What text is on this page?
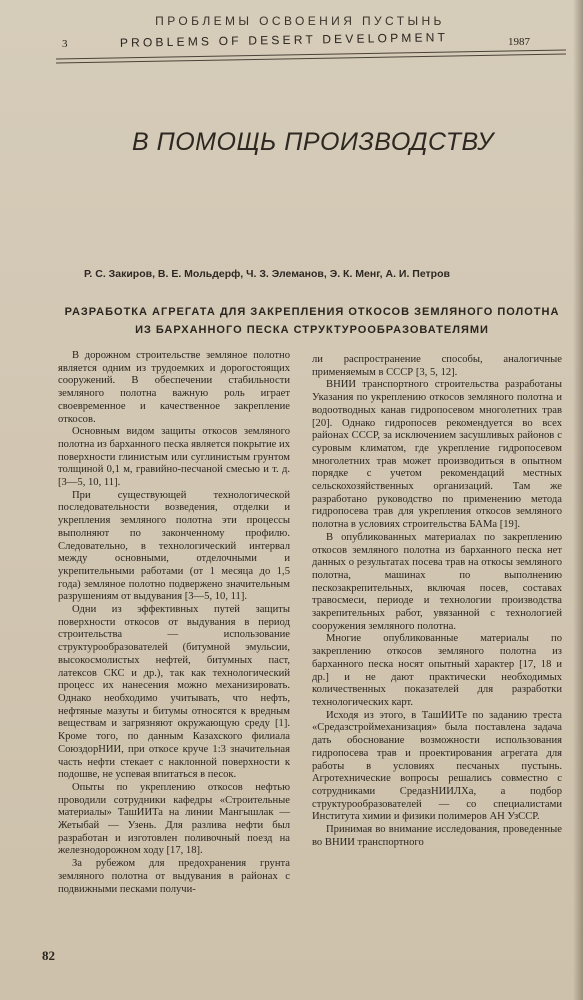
ПРОБЛЕМЫ ОСВОЕНИЯ ПУСТЫНЬ
3	PROBLEMS OF DESERT DEVELOPMENT	1987
В ПОМОЩЬ ПРОИЗВОДСТВУ
Р. С. Закиров, В. Е. Мольдерф, Ч. З. Элеманов, Э. К. Менг, А. И. Петров
РАЗРАБОТКА АГРЕГАТА ДЛЯ ЗАКРЕПЛЕНИЯ ОТКОСОВ ЗЕМЛЯНОГО ПОЛОТНА ИЗ БАРХАННОГО ПЕСКА СТРУКТУРООБРАЗОВАТЕЛЯМИ

В дорожном строительстве земляное полотно является одним из трудоемких и дорогостоящих сооружений. В обеспечении стабильности земляного полотна важную роль играет своевременное и качественное закрепление откосов.

Основным видом защиты откосов земляного полотна из барханного песка является покрытие их поверхности глинистым или суглинистым грунтом толщиной 0,1 м, гравийно-песчаной смесью и т. д. [3—5, 10, 11].

При существующей технологической последовательности возведения, отделки и укрепления земляного полотна эти процессы выполняют по законченному профилю. Следовательно, в технологический интервал между основными, отделочными и укрепительными работами (от 1 месяца до 1,5 года) земляное полотно подвержено значительным разрушениям от выдувания [3—5, 10, 11].

Одни из эффективных путей защиты поверхности откосов от выдувания в период строительства — использование структурообразователей (битумной эмульсии, высокосмолистых нефтей, битумных паст, латексов СКС и др.), так как технологический процесс их нанесения можно механизировать. Однако необходимо учитывать, что нефть, нефтяные мазуты и битумы относятся к вредным веществам и загрязняют окружающую среду [1]. Кроме того, по данным Казахского филиала СоюздорНИИ, при откосе круче 1:3 значительная часть нефти стекает с наклонной поверхности к подошве, не успевая впитаться в песок.

Опыты по укреплению откосов нефтью проводили сотрудники кафедры «Строительные материалы» ТашИИТа на линии Мангышлак — Жетыбай — Узень. Для разлива нефти был разработан и изготовлен поливочный поезд на железнодорожном ходу [17, 18].

За рубежом для предохранения грунта земляного полотна от выдувания в районах с подвижными песками получи-

ли распространение способы, аналогичные применяемым в СССР [3, 5, 12].

ВНИИ транспортного строительства разработаны Указания по укреплению откосов земляного полотна и водоотводных канав гидропосевом многолетних трав [20]. Однако гидропосев рекомендуется во всех районах СССР, за исключением засушливых районов с суровым климатом, где укрепление гидропосевом многолетних трав может производиться в опытном порядке с учетом рекомендаций местных сельскохозяйственных организаций. Там же разработано руководство по применению метода гидропосева трав для укрепления откосов земляного полотна в условиях строительства БАМа [19].

В опубликованных материалах по закреплению откосов земляного полотна из барханного песка нет данных о результатах посева трав на откосы земляного полотна, машинах по выполнению пескозакрепительных, включая посев, составах травосмеси, периоде и технологии производства закрепительных работ, увязанной с технологией сооружения земляного полотна.

Многие опубликованные материалы по закреплению откосов земляного полотна из барханного песка носят опытный характер [17, 18 и др.] и не дают практически необходимых количественных показателей для разработки технологических карт.

Исходя из этого, в ТашИИТе по заданию треста «Средазстроймеханизация» была поставлена задача дать обоснование возможности использования гидропосева трав и проектирования агрегата для работы в условиях песчаных пустынь. Агротехнические вопросы решались совместно с сотрудниками СредазНИИЛХа, а подбор структурообразователей — со специалистами Института химии и физики полимеров АН УзССР.

Принимая во внимание исследования, проведенные во ВНИИ транспортного

82
